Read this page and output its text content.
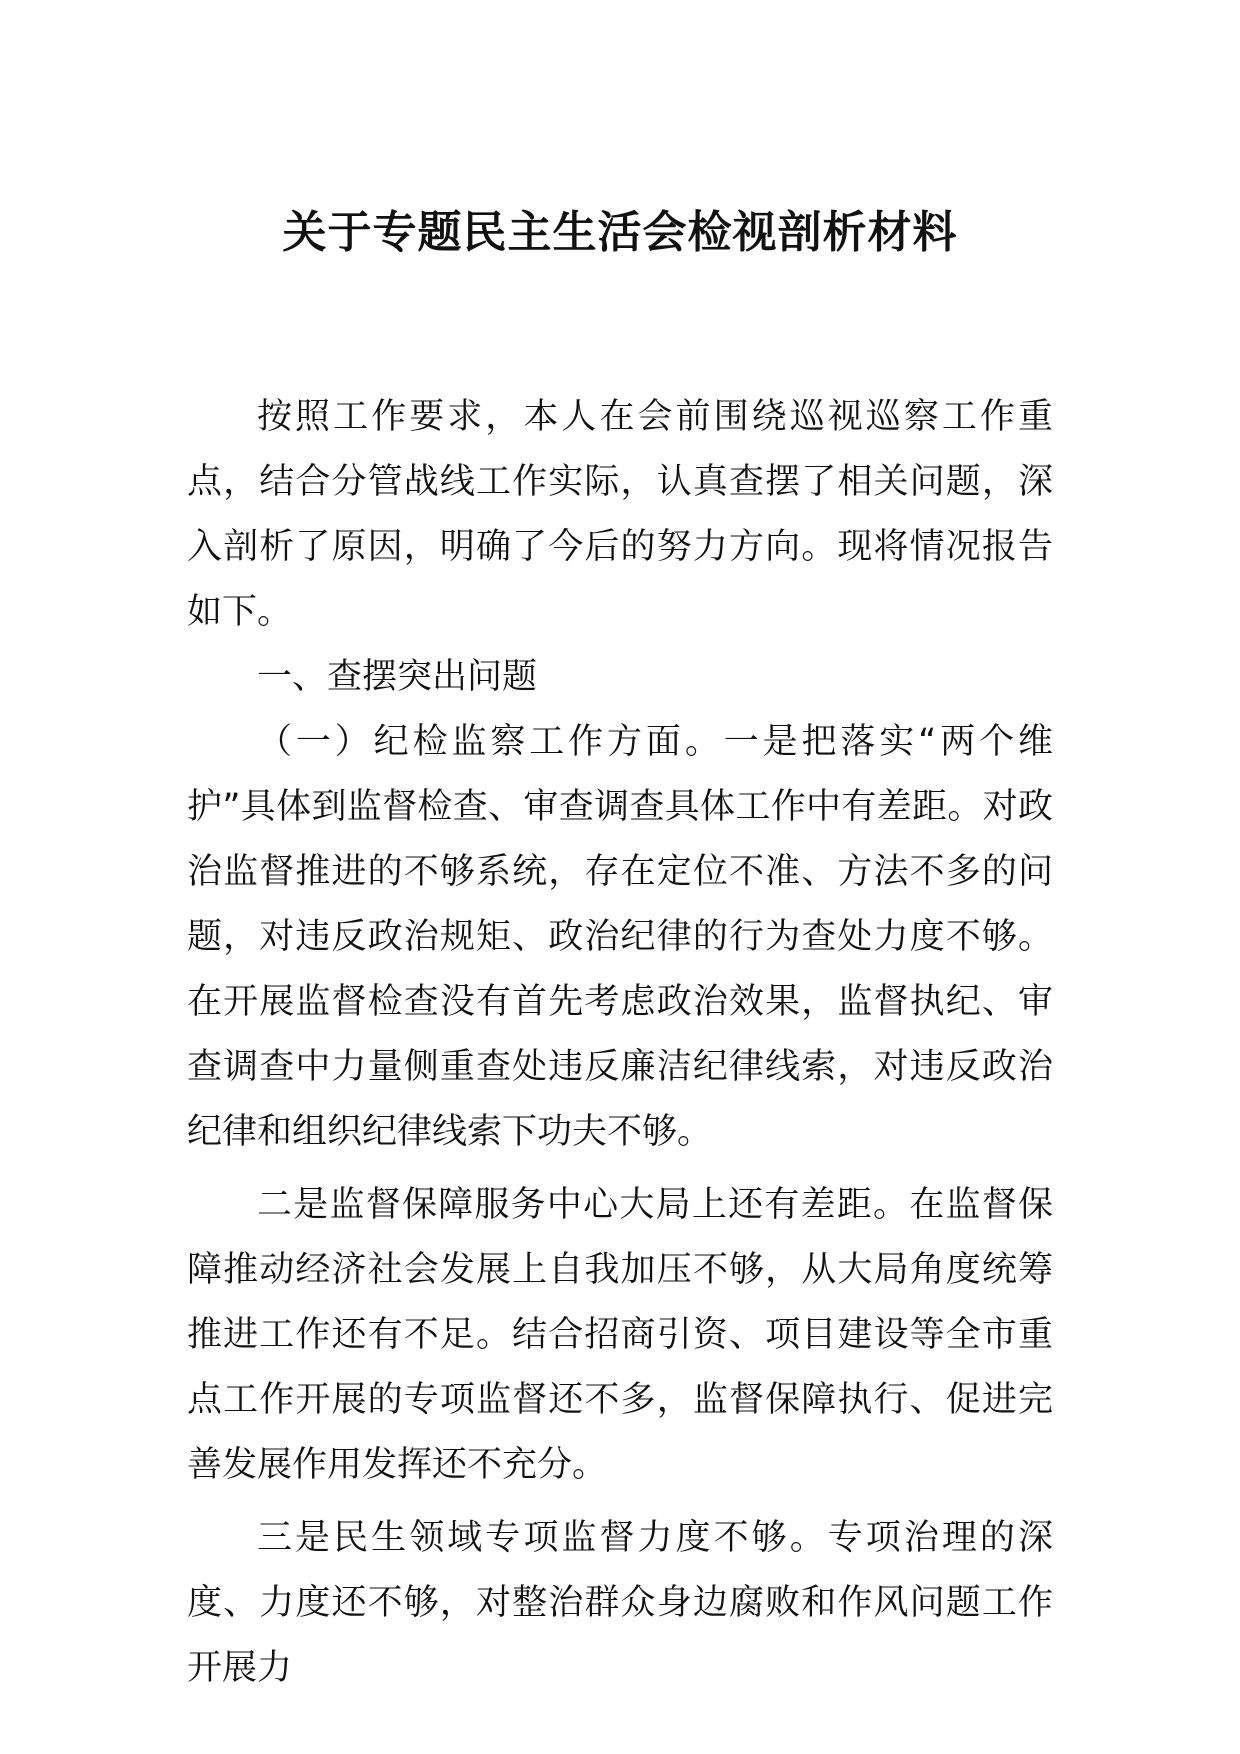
关于专题民主生活会检视剖析材料

按照工作要求，本人在会前围绕巡视巡察工作重点，结合分管战线工作实际，认真查摆了相关问题，深入剖析了原因，明确了今后的努力方向。现将情况报告如下。

一、查摆突出问题

（一）纪检监察工作方面。一是把落实“两个维护”具体到监督检查、审查调查具体工作中有差距。对政治监督推进的不够系统，存在定位不准、方法不多的问题，对违反政治规矩、政治纪律的行为查处力度不够。在开展监督检查没有首先考虑政治效果，监督执纪、审查调查中力量侧重查处违反廉洁纪律线索，对违反政治纪律和组织纪律线索下功夫不够。

二是监督保障服务中心大局上还有差距。在监督保障推动经济社会发展上自我加压不够，从大局角度统筹推进工作还有不足。结合招商引资、项目建设等全市重点工作开展的专项监督还不多，监督保障执行、促进完善发展作用发挥还不充分。

三是民生领域专项监督力度不够。专项治理的深度、力度还不够，对整治群众身边腐败和作风问题工作开展力
